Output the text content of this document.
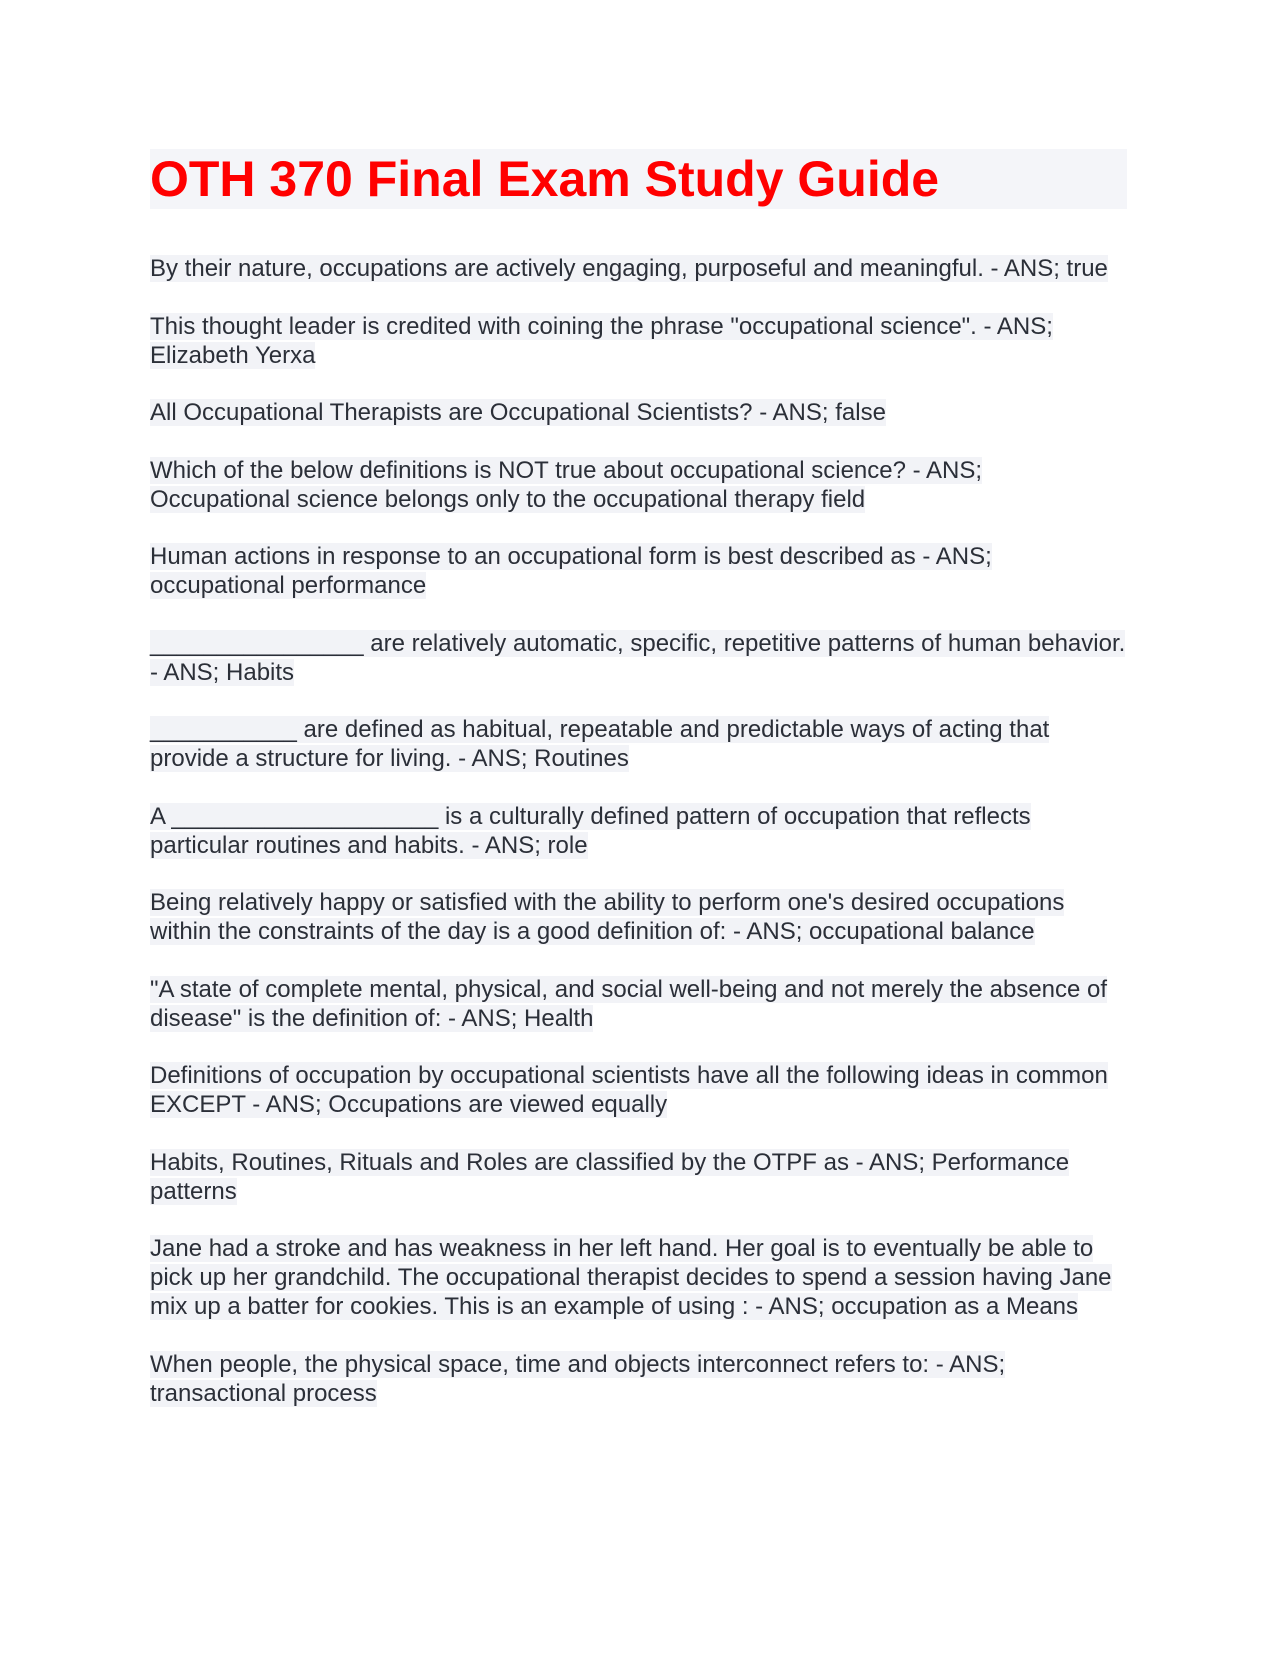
OTH 370 Final Exam Study Guide

By their nature, occupations are actively engaging, purposeful and meaningful. - ANS; true

This thought leader is credited with coining the phrase "occupational science". - ANS; Elizabeth Yerxa

All Occupational Therapists are Occupational Scientists? - ANS; false

Which of the below definitions is NOT true about occupational science? - ANS; Occupational science belongs only to the occupational therapy field

Human actions in response to an occupational form is best described as - ANS; occupational performance

________________ are relatively automatic, specific, repetitive patterns of human behavior. - ANS; Habits

___________ are defined as habitual, repeatable and predictable ways of acting that provide a structure for living. - ANS; Routines

A ____________________ is a culturally defined pattern of occupation that reflects particular routines and habits. - ANS; role

Being relatively happy or satisfied with the ability to perform one's desired occupations within the constraints of the day is a good definition of: - ANS; occupational balance

"A state of complete mental, physical, and social well-being and not merely the absence of disease" is the definition of: - ANS; Health

Definitions of occupation by occupational scientists have all the following ideas in common EXCEPT - ANS; Occupations are viewed equally

Habits, Routines, Rituals and Roles are classified by the OTPF as - ANS; Performance patterns

Jane had a stroke and has weakness in her left hand. Her goal is to eventually be able to pick up her grandchild. The occupational therapist decides to spend a session having Jane mix up a batter for cookies. This is an example of using : - ANS; occupation as a Means

When people, the physical space, time and objects interconnect refers to: - ANS; transactional process
